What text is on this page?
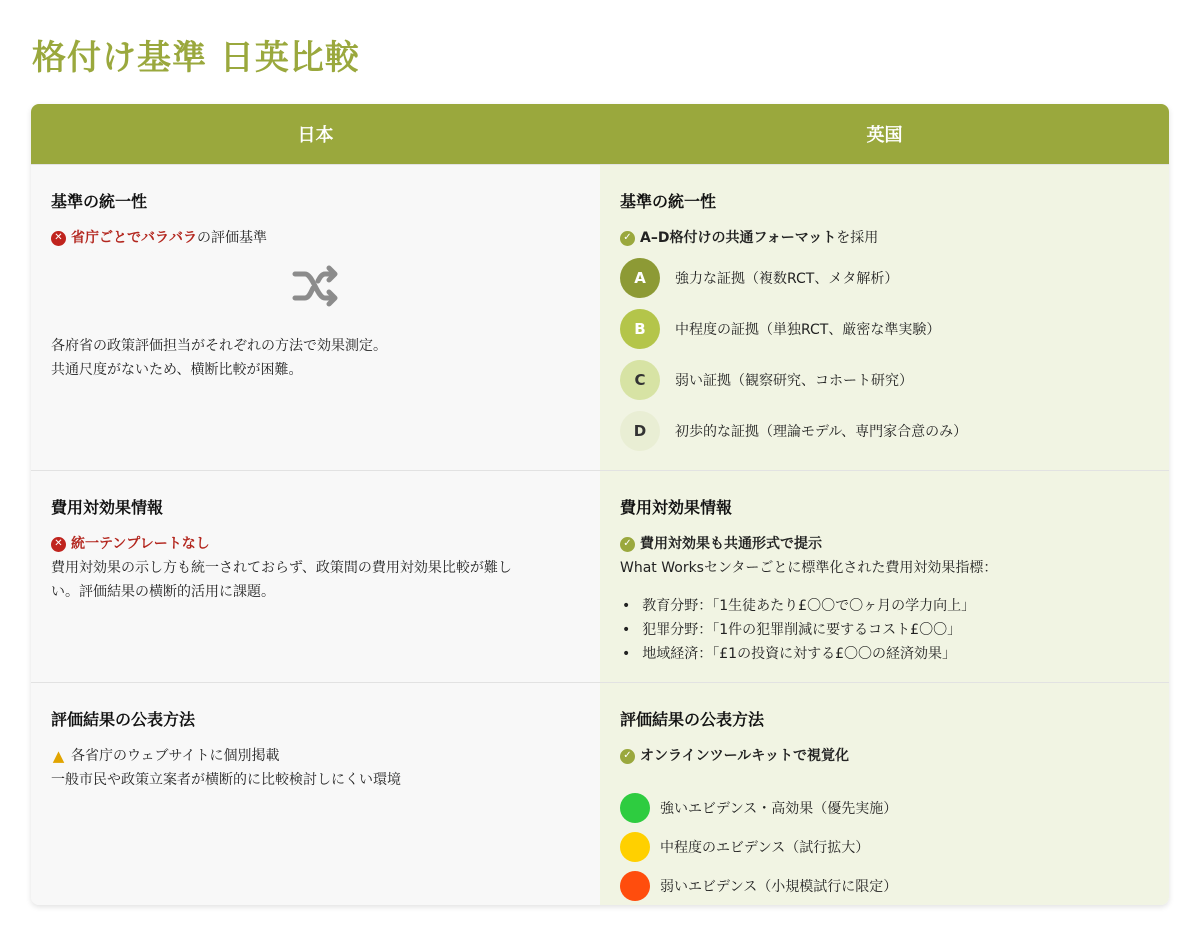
格付け基準 日英比較
日本	英国
基準の統一性
✕ 省庁ごとでバラバラ の評価基準
各府省の政策評価担当がそれぞれの方法で効果測定。
共通尺度がないため、横断比較が困難。
基準の統一性
✓ A–D格付けの共通フォーマット を採用
A	強力な証拠（複数RCT、メタ解析）
B	中程度の証拠（単独RCT、厳密な準実験）
C	弱い証拠（観察研究、コホート研究）
D	初歩的な証拠（理論モデル、専門家合意のみ）
費用対効果情報
✕ 統一テンプレートなし
費用対効果の示し方も統一されておらず、政策間の費用対効果比較が難し
い。評価結果の横断的活用に課題。
費用対効果情報
✓ 費用対効果も共通形式で提示
What Worksセンターごとに標準化された費用対効果指標：
• 教育分野：「1生徒あたり£〇〇で〇ヶ月の学力向上」
• 犯罪分野：「1件の犯罪削減に要するコスト£〇〇」
• 地域経済：「£1の投資に対する£〇〇の経済効果」
評価結果の公表方法
▲ 各省庁のウェブサイトに個別掲載
一般市民や政策立案者が横断的に比較検討しにくい環境
評価結果の公表方法
✓ オンラインツールキットで視覚化
強いエビデンス・高効果（優先実施）
中程度のエビデンス（試行拡大）
弱いエビデンス（小規模試行に限定）
